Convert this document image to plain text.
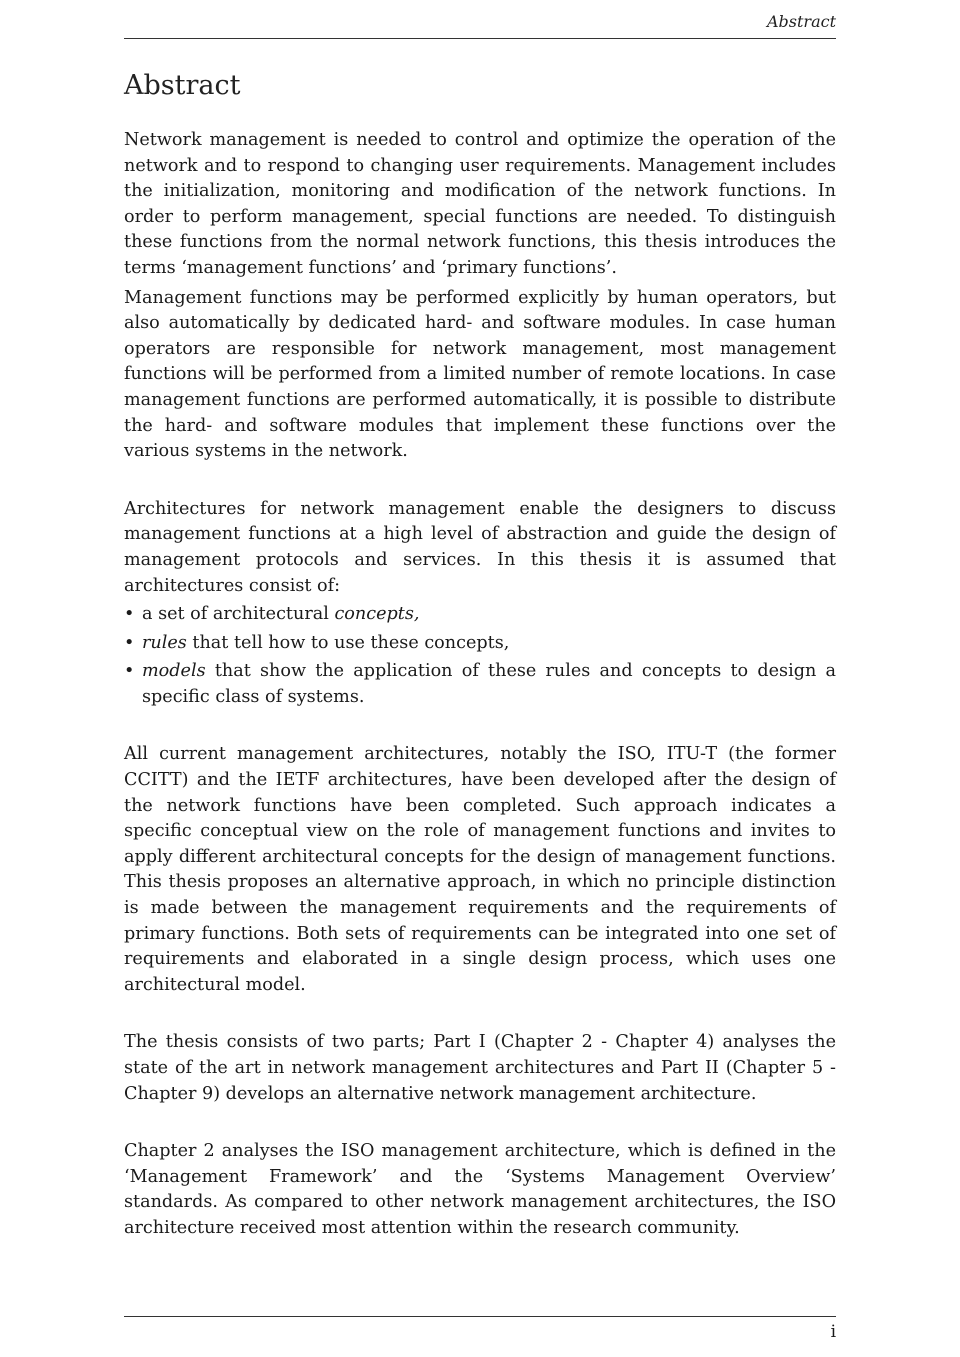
Abstract
Abstract

Network management is needed to control and optimize the operation of the network and to respond to changing user requirements. Management includes the initialization, monitoring and modification of the network functions. In order to perform management, special functions are needed. To distinguish these functions from the normal network functions, this thesis introduces the terms ‘management functions’ and ‘primary functions’.

Management functions may be performed explicitly by human operators, but also automatically by dedicated hard- and software modules. In case human operators are responsible for network management, most management functions will be performed from a limited number of remote locations. In case management functions are performed automatically, it is possible to distribute the hard- and software modules that implement these functions over the various systems in the network.

Architectures for network management enable the designers to discuss management functions at a high level of abstraction and guide the design of management protocols and services. In this thesis it is assumed that architectures consist of:

• a set of architectural concepts,
• rules that tell how to use these concepts,
• models that show the application of these rules and concepts to design a specific class of systems.

All current management architectures, notably the ISO, ITU-T (the former CCITT) and the IETF architectures, have been developed after the design of the network functions have been completed. Such approach indicates a specific conceptual view on the role of management functions and invites to apply different architectural concepts for the design of management functions. This thesis proposes an alternative approach, in which no principle distinction is made between the management requirements and the requirements of primary functions. Both sets of requirements can be integrated into one set of requirements and elaborated in a single design process, which uses one architectural model.

The thesis consists of two parts; Part I (Chapter 2 - Chapter 4) analyses the state of the art in network management architectures and Part II (Chapter 5 - Chapter 9) develops an alternative network management architecture.

Chapter 2 analyses the ISO management architecture, which is defined in the ‘Management Framework’ and the ‘Systems Management Overview’ standards. As compared to other network management architectures, the ISO architecture received most attention within the research community.

i
